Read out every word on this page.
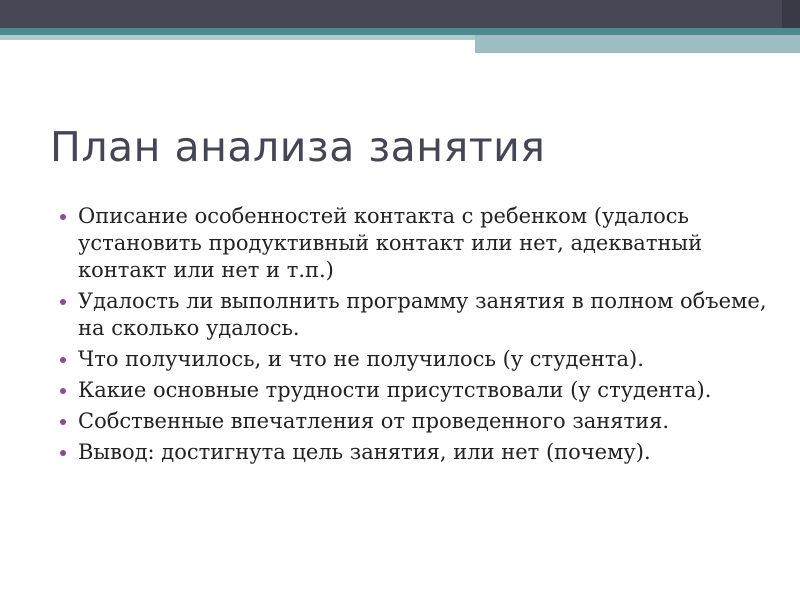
План анализа занятия
Описание особенностей контакта с ребенком (удалось установить продуктивный контакт или нет, адекватный контакт или нет и т.п.)
Удалость ли выполнить программу занятия в полном объеме, на сколько удалось.
Что получилось, и что не получилось (у студента).
Какие основные трудности присутствовали (у студента).
Собственные впечатления от проведенного занятия.
Вывод: достигнута цель занятия, или нет (почему).
